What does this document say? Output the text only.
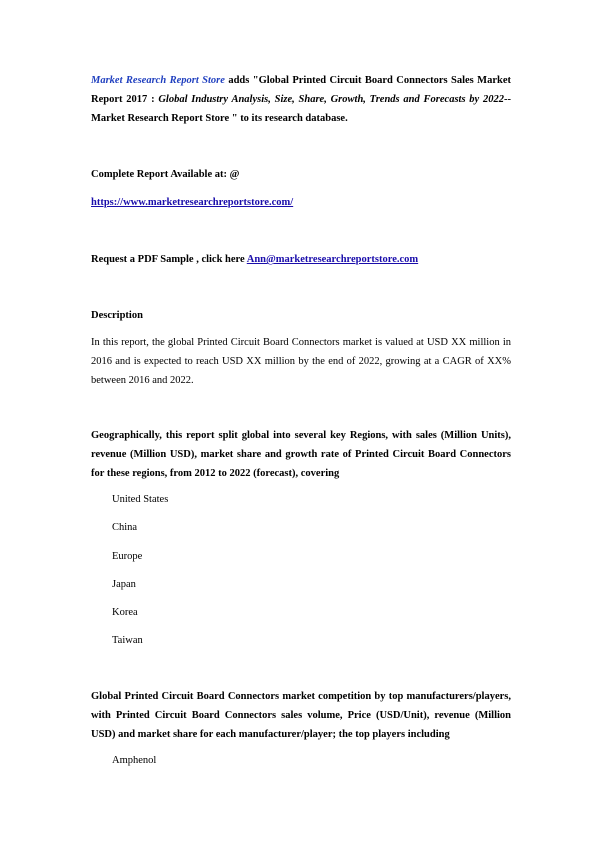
Market Research Report Store adds "Global Printed Circuit Board Connectors Sales Market Report 2017 : Global Industry Analysis, Size, Share, Growth, Trends and Forecasts by 2022--Market Research Report Store " to its research database.
Complete Report Available at: @
https://www.marketresearchreportstore.com/
Request a PDF Sample , click here Ann@marketresearchreportstore.com
Description
In this report, the global Printed Circuit Board Connectors market is valued at USD XX million in 2016 and is expected to reach USD XX million by the end of 2022, growing at a CAGR of XX% between 2016 and 2022.
Geographically, this report split global into several key Regions, with sales (Million Units), revenue (Million USD), market share and growth rate of Printed Circuit Board Connectors for these regions, from 2012 to 2022 (forecast), covering
United States
China
Europe
Japan
Korea
Taiwan
Global Printed Circuit Board Connectors market competition by top manufacturers/players, with Printed Circuit Board Connectors sales volume, Price (USD/Unit), revenue (Million USD) and market share for each manufacturer/player; the top players including
Amphenol
